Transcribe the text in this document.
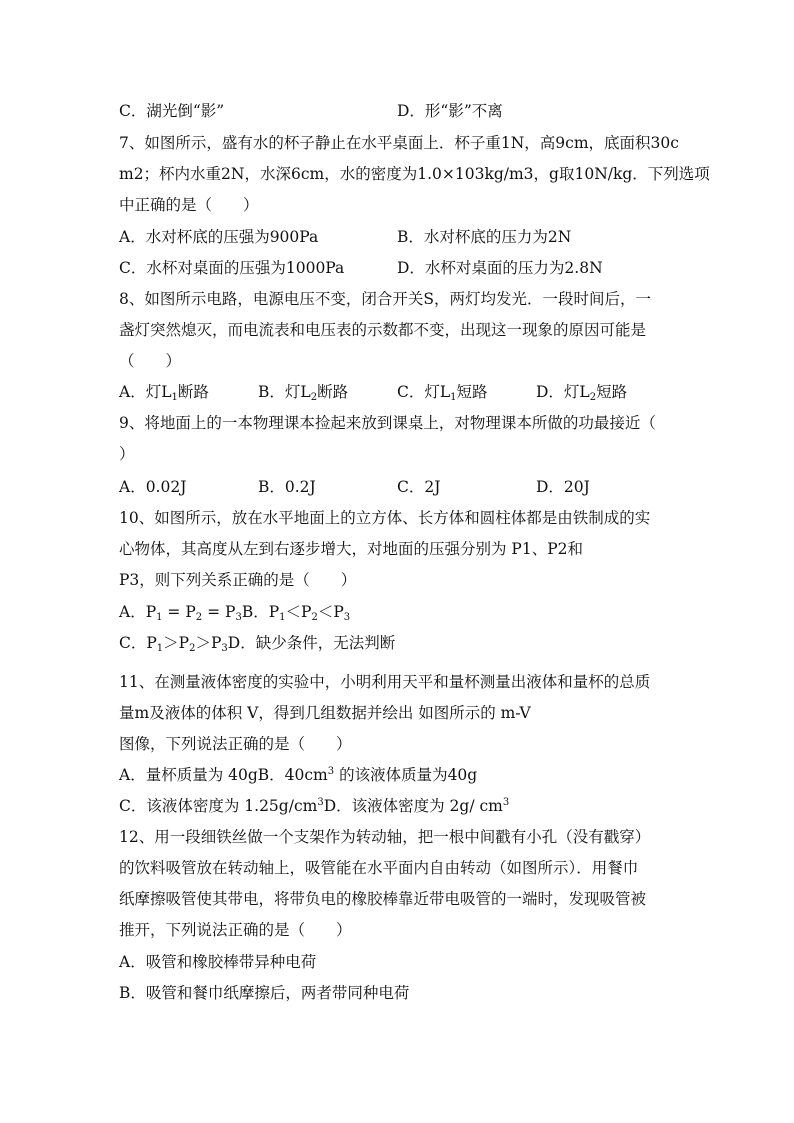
C．湖光倒“影”	D．形“影”不离
7、如图所示，盛有水的杯子静止在水平桌面上．杯子重1N，高9cm，底面积30c
m2；杯内水重2N，水深6cm，水的密度为1.0×103kg/m3，g取10N/kg．下列选项
中正确的是（　　）
A．水对杯底的压强为900Pa	B．水对杯底的压力为2N
C．水杯对桌面的压强为1000Pa	D．水杯对桌面的压力为2.8N
8、如图所示电路，电源电压不变，闭合开关S，两灯均发光．一段时间后，一
盏灯突然熄灭，而电流表和电压表的示数都不变，出现这一现象的原因可能是
（　　）
A．灯$L_1$断路	B．灯$L_2$断路	C．灯$L_1$短路	D．灯$L_2$短路
9、将地面上的一本物理课本捡起来放到课桌上，对物理课本所做的功最接近（
）
A．0.02J	B．0.2J	C．2J	D．20J
10、如图所示，放在水平地面上的立方体、长方体和圆柱体都是由铁制成的实
心物体，其高度从左到右逐步增大，对地面的压强分别为 P1、P2和
P3，则下列关系正确的是（　　）
A．$P_1 = P_2 = P_3B$．$P_1<P_2<P_3$
C．$P_1>P_2>P_3D$．缺少条件，无法判断
11、在测量液体密度的实验中，小明利用天平和量杯测量出液体和量杯的总质
量m及液体的体积 V，得到几组数据并绘出 如图所示的 m-V
图像，下列说法正确的是（　　）
A．量杯质量为 40gB．$40cm^3$ 的该液体质量为40g
C．该液体密度为 $1.25g/cm^3D$．该液体密度为 2g/ $cm^3$
12、用一段细铁丝做一个支架作为转动轴，把一根中间戳有小孔（没有戳穿）
的饮料吸管放在转动轴上，吸管能在水平面内自由转动（如图所示）．用餐巾
纸摩擦吸管使其带电，将带负电的橡胶棒靠近带电吸管的一端时，发现吸管被
推开，下列说法正确的是（　　）
A．吸管和橡胶棒带异种电荷
B．吸管和餐巾纸摩擦后，两者带同种电荷
